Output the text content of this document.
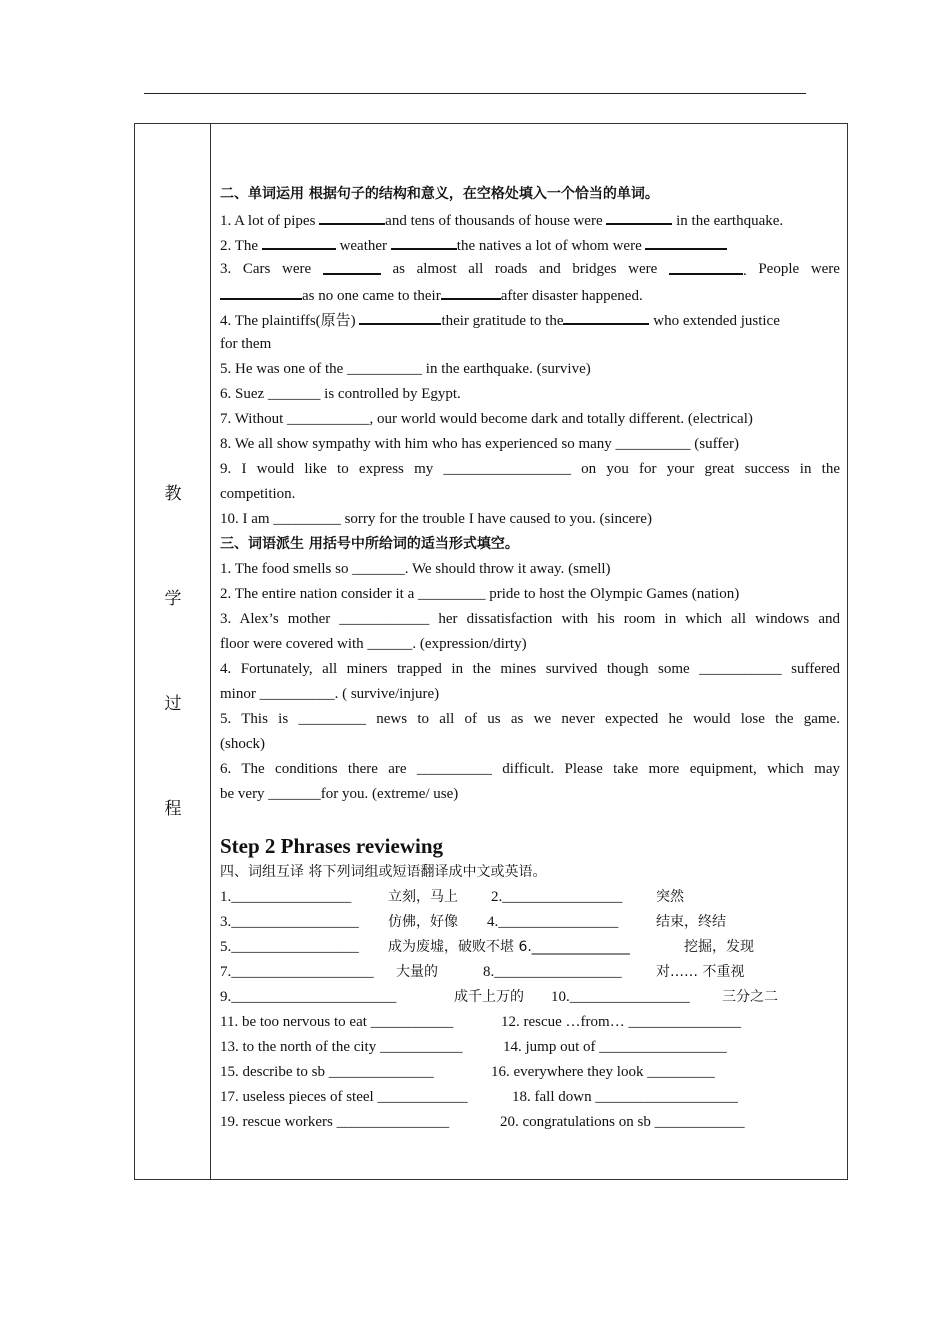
教
学
过
程
二、单词运用 根据句子的结构和意义，在空格处填入一个恰当的单词。
1. A lot of pipes	and tens of thousands of house were	in the earthquake.
2. The	weather	the natives a lot of whom were
3. Cars were	as almost all roads and bridges were	. People were
as no one came to their	after disaster happened.
4. The plaintiffs(原告)	their gratitude to the	who extended justice
for them
5. He was one of the __________ in the earthquake. (survive)
6. Suez _______ is controlled by Egypt.
7. Without ___________, our world would become dark and totally different. (electrical)
8. We all show sympathy with him who has experienced so many __________ (suffer)
9. I would like to express my _________________ on you for your great success in the
competition.
10. I am _________ sorry for the trouble I have caused to you. (sincere)
三、词语派生 用括号中所给词的适当形式填空。
1. The food smells so _______. We should throw it away. (smell)
2. The entire nation consider it a _________ pride to host the Olympic Games (nation)
3. Alex’s mother ____________ her dissatisfaction with his room in which all windows and
floor were covered with ______. (expression/dirty)
4. Fortunately, all miners trapped in the mines survived though some ___________ suffered
minor __________. ( survive/injure)
5. This is _________ news to all of us as we never expected he would lose the game.
(shock)
6. The conditions there are __________ difficult. Please take more equipment, which may
be very _______for you. (extreme/ use)
Step 2 Phrases reviewing
四、词组互译 将下列词组或短语翻译成中文或英语。
1.________________	立刻，马上 2.________________ 突然
3._________________ 仿佛，好像 4.________________	结束，终结
5._________________ 成为废墟，破败不堪 6.______________	挖掘，发现
7.___________________ 大量的	8._________________ 对…… 不重视
9.______________________	成千上万的 10.________________ 三分之二
11. be too nervous to eat ___________	12. rescue …from… _______________
13. to the north of the city ___________	14. jump out of _________________
15. describe to sb ______________	16. everywhere they look _________
17. useless pieces of steel ____________	18. fall down ___________________
19. rescue workers _______________	20. congratulations on sb ____________
